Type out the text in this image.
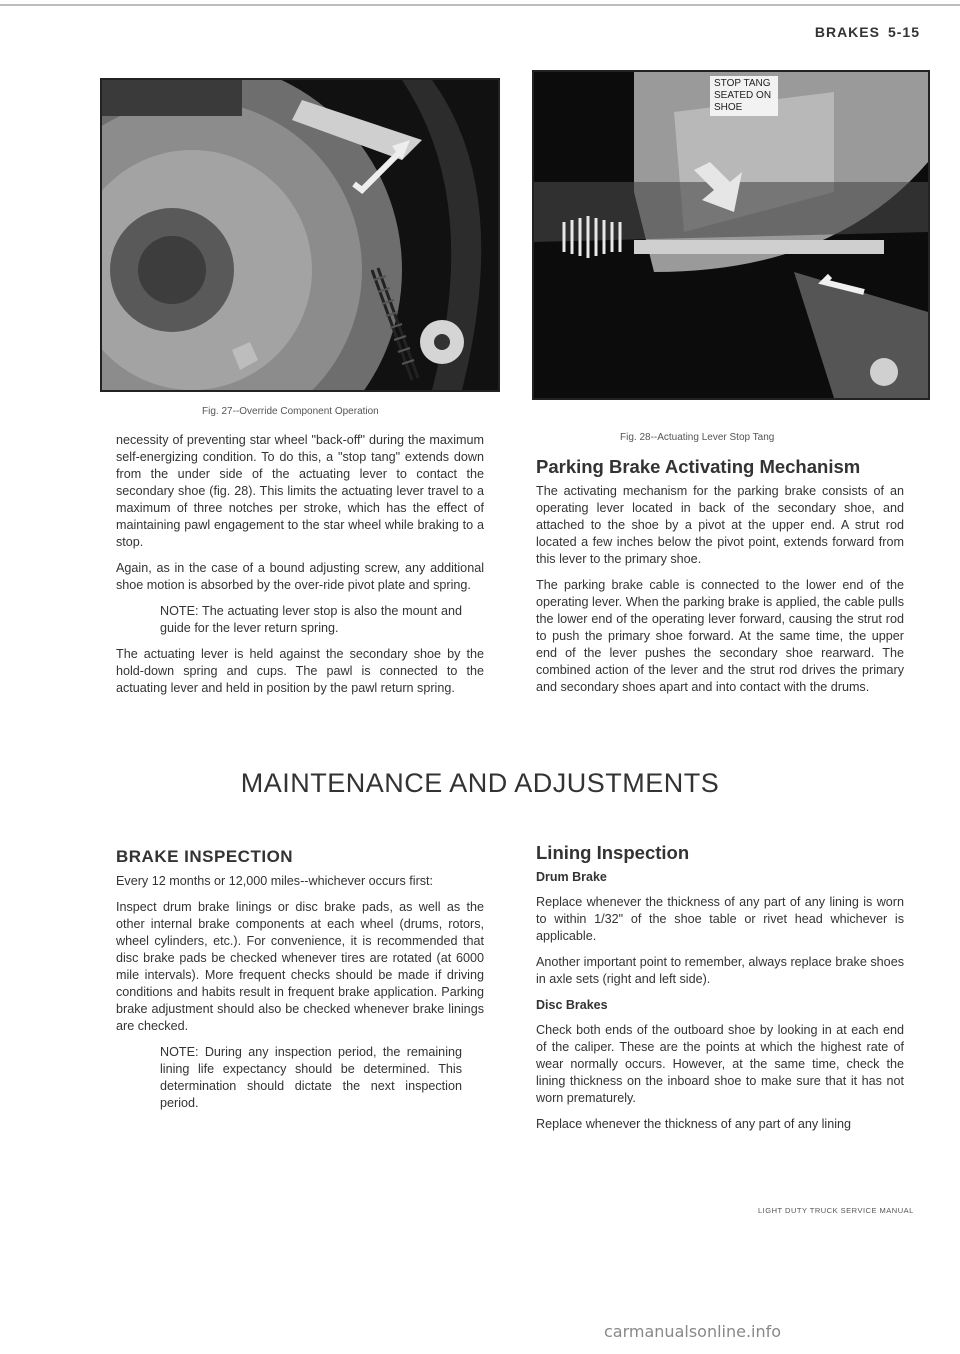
BRAKES 5-15
Fig. 27--Override Component Operation
STOP TANG SEATED ON SHOE
Fig. 28--Actuating Lever Stop Tang

necessity of preventing star wheel "back-off" during the maximum self-energizing condition. To do this, a "stop tang" extends down from the under side of the actuating lever to contact the secondary shoe (fig. 28). This limits the actuating lever travel to a maximum of three notches per stroke, which has the effect of maintaining pawl engagement to the star wheel while braking to a stop.

Again, as in the case of a bound adjusting screw, any additional shoe motion is absorbed by the over-ride pivot plate and spring.

NOTE: The actuating lever stop is also the mount and guide for the lever return spring.

The actuating lever is held against the secondary shoe by the hold-down spring and cups. The pawl is connected to the actuating lever and held in position by the pawl return spring.

Parking Brake Activating Mechanism

The activating mechanism for the parking brake consists of an operating lever located in back of the secondary shoe, and attached to the shoe by a pivot at the upper end. A strut rod located a few inches below the pivot point, extends forward from this lever to the primary shoe.

The parking brake cable is connected to the lower end of the operating lever. When the parking brake is applied, the cable pulls the lower end of the operating lever forward, causing the strut rod to push the primary shoe forward. At the same time, the upper end of the lever pushes the secondary shoe rearward. The combined action of the lever and the strut rod drives the primary and secondary shoes apart and into contact with the drums.

MAINTENANCE AND ADJUSTMENTS
BRAKE INSPECTION

Every 12 months or 12,000 miles--whichever occurs first:

Inspect drum brake linings or disc brake pads, as well as the other internal brake components at each wheel (drums, rotors, wheel cylinders, etc.). For convenience, it is recommended that disc brake pads be checked whenever tires are rotated (at 6000 mile intervals). More frequent checks should be made if driving conditions and habits result in frequent brake application. Parking brake adjustment should also be checked whenever brake linings are checked.

NOTE: During any inspection period, the remaining lining life expectancy should be determined. This determination should dictate the next inspection period.

Lining Inspection
Drum Brake

Replace whenever the thickness of any part of any lining is worn to within 1/32" of the shoe table or rivet head whichever is applicable.

Another important point to remember, always replace brake shoes in axle sets (right and left side).

Disc Brakes

Check both ends of the outboard shoe by looking in at each end of the caliper. These are the points at which the highest rate of wear normally occurs. However, at the same time, check the lining thickness on the inboard shoe to make sure that it has not worn prematurely.

Replace whenever the thickness of any part of any lining

LIGHT DUTY TRUCK SERVICE MANUAL
carmanualsonline.info
